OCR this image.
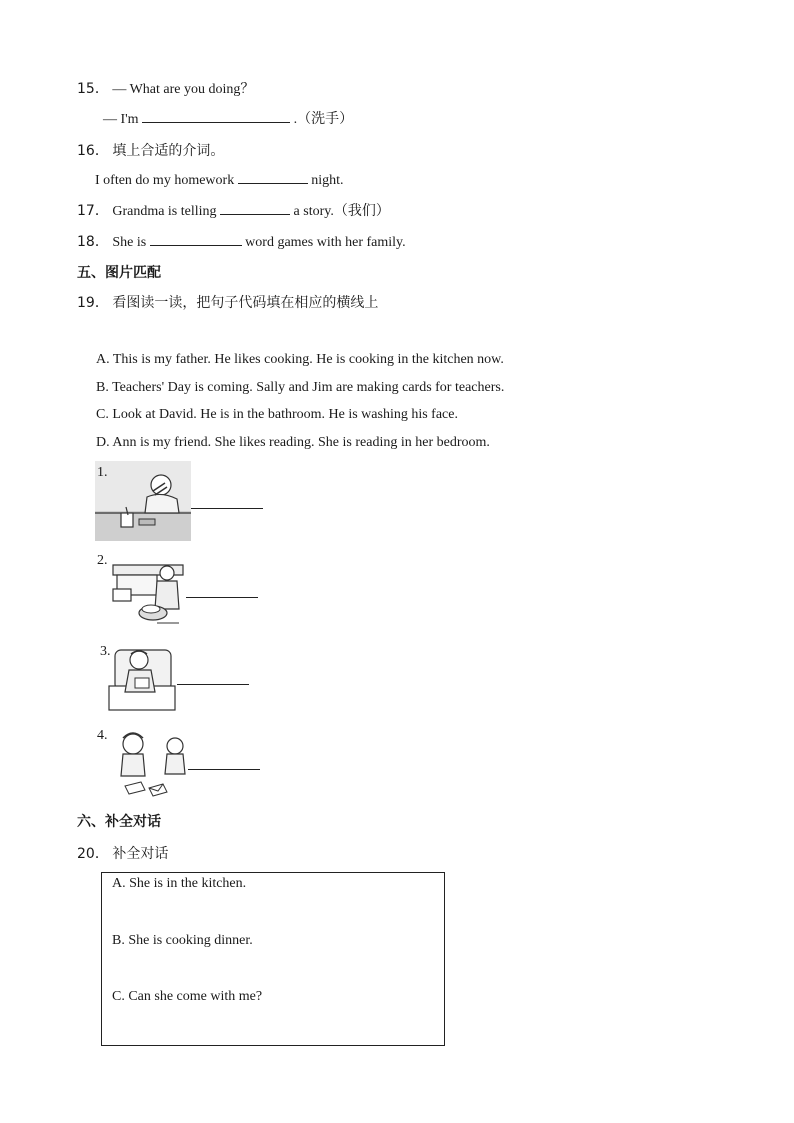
15． — What are you doing？
— I'm	.（洗手）
16． 填上合适的介词。
I often do my homework	night.
17． Grandma is telling	a story.（我们）
18． She is	word games with her family.
五、图片匹配
19． 看图读一读，把句子代码填在相应的横线上
A. This is my father. He likes cooking. He is cooking in the kitchen now.
B. Teachers' Day is coming. Sally and Jim are making cards for teachers.
C. Look at David. He is in the bathroom. He is washing his face.
D. Ann is my friend. She likes reading. She is reading in her bedroom.
1.
2.
3.
4.
六、补全对话
20． 补全对话
A. She is in the kitchen.
B. She is cooking dinner.
C. Can she come with me?
